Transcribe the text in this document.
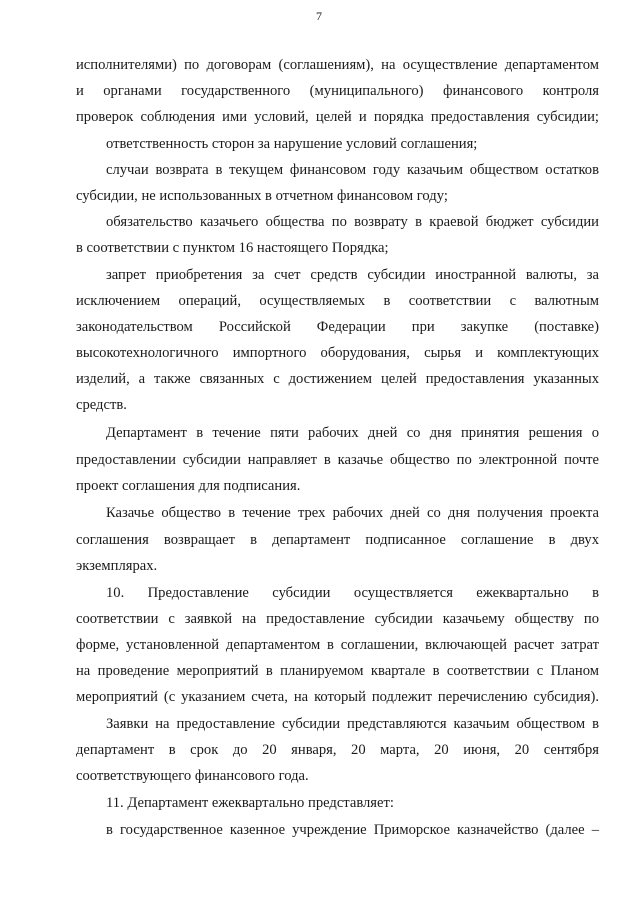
7
исполнителями) по договорам (соглашениям), на осуществление департаментом
и органами государственного (муниципального) финансового контроля
проверок соблюдения ими условий, целей и порядка предоставления субсидии;
ответственность сторон за нарушение условий соглашения;
случаи возврата в текущем финансовом году казачьим обществом остатков
субсидии, не использованных в отчетном финансовом году;
обязательство казачьего общества по возврату в краевой бюджет субсидии
в соответствии с пунктом 16 настоящего Порядка;
запрет приобретения за счет средств субсидии иностранной валюты, за
исключением операций, осуществляемых в соответствии с валютным
законодательством Российской Федерации при закупке (поставке)
высокотехнологичного импортного оборудования, сырья и комплектующих
изделий, а также связанных с достижением целей предоставления указанных
средств.
Департамент в течение пяти рабочих дней со дня принятия решения о
предоставлении субсидии направляет в казачье общество по электронной почте
проект соглашения для подписания.
Казачье общество в течение трех рабочих дней со дня получения проекта
соглашения возвращает в департамент подписанное соглашение в двух
экземплярах.
10. Предоставление субсидии осуществляется ежеквартально в
соответствии с заявкой на предоставление субсидии казачьему обществу по
форме, установленной департаментом в соглашении, включающей расчет затрат
на проведение мероприятий в планируемом квартале в соответствии с Планом
мероприятий (с указанием счета, на который подлежит перечислению субсидия).
Заявки на предоставление субсидии представляются казачьим обществом в
департамент в срок до 20 января, 20 марта, 20 июня, 20 сентября
соответствующего финансового года.
11. Департамент ежеквартально представляет:
в государственное казенное учреждение Приморское казначейство (далее –
